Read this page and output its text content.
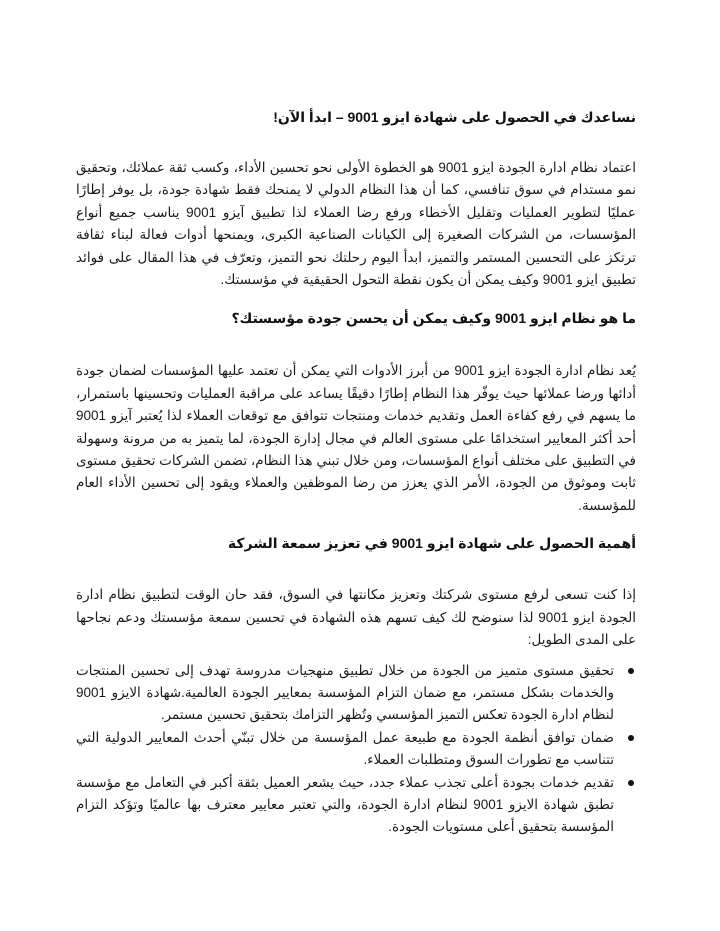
نساعدك في الحصول على شهادة ايزو 9001 – ابدأ الآن!

اعتماد نظام ادارة الجودة ايزو 9001 هو الخطوة الأولى نحو تحسين الأداء، وكسب ثقة عملائك، وتحقيق نمو مستدام في سوق تنافسي، كما أن هذا النظام الدولي لا يمنحك فقط شهادة جودة، بل يوفر إطارًا عمليًا لتطوير العمليات وتقليل الأخطاء ورفع رضا العملاء لذا تطبيق آيزو 9001 يناسب جميع أنواع المؤسسات، من الشركات الصغيرة إلى الكيانات الصناعية الكبرى، ويمنحها أدوات فعالة لبناء ثقافة ترتكز على التحسين المستمر والتميز، ابدأ اليوم رحلتك نحو التميز، وتعرّف في هذا المقال على فوائد تطبيق ايزو 9001 وكيف يمكن أن يكون نقطة التحول الحقيقية في مؤسستك.

ما هو نظام ايزو 9001 وكيف يمكن أن يحسن جودة مؤسستك؟

يُعد نظام ادارة الجودة ايزو 9001 من أبرز الأدوات التي يمكن أن تعتمد عليها المؤسسات لضمان جودة أدائها ورضا عملائها حيث يوفّر هذا النظام إطارًا دقيقًا يساعد على مراقبة العمليات وتحسينها باستمرار، ما يسهم في رفع كفاءة العمل وتقديم خدمات ومنتجات تتوافق مع توقعات العملاء لذا يُعتبر آيزو 9001 أحد أكثر المعايير استخدامًا على مستوى العالم في مجال إدارة الجودة، لما يتميز به من مرونة وسهولة في التطبيق على مختلف أنواع المؤسسات، ومن خلال تبني هذا النظام، تضمن الشركات تحقيق مستوى ثابت وموثوق من الجودة، الأمر الذي يعزز من رضا الموظفين والعملاء ويقود إلى تحسين الأداء العام للمؤسسة.

أهمية الحصول على شهادة ايزو 9001 في تعزيز سمعة الشركة

إذا كنت تسعى لرفع مستوى شركتك وتعزيز مكانتها في السوق، فقد حان الوقت لتطبيق نظام ادارة الجودة ايزو 9001 لذا سنوضح لك كيف تسهم هذه الشهادة في تحسين سمعة مؤسستك ودعم نجاحها على المدى الطويل:

تحقيق مستوى متميز من الجودة من خلال تطبيق منهجيات مدروسة تهدف إلى تحسين المنتجات والخدمات بشكل مستمر، مع ضمان التزام المؤسسة بمعايير الجودة العالمية.شهادة الايزو 9001 لنظام ادارة الجودة تعكس التميز المؤسسي وتُظهر التزامك بتحقيق تحسين مستمر.
ضمان توافق أنظمة الجودة مع طبيعة عمل المؤسسة من خلال تبنّي أحدث المعايير الدولية التي تتناسب مع تطورات السوق ومتطلبات العملاء.
تقديم خدمات بجودة أعلى تجذب عملاء جدد، حيث يشعر العميل بثقة أكبر في التعامل مع مؤسسة تطبق شهادة الايزو 9001 لنظام ادارة الجودة، والتي تعتبر معايير معترف بها عالميًا وتؤكد التزام المؤسسة بتحقيق أعلى مستويات الجودة.
